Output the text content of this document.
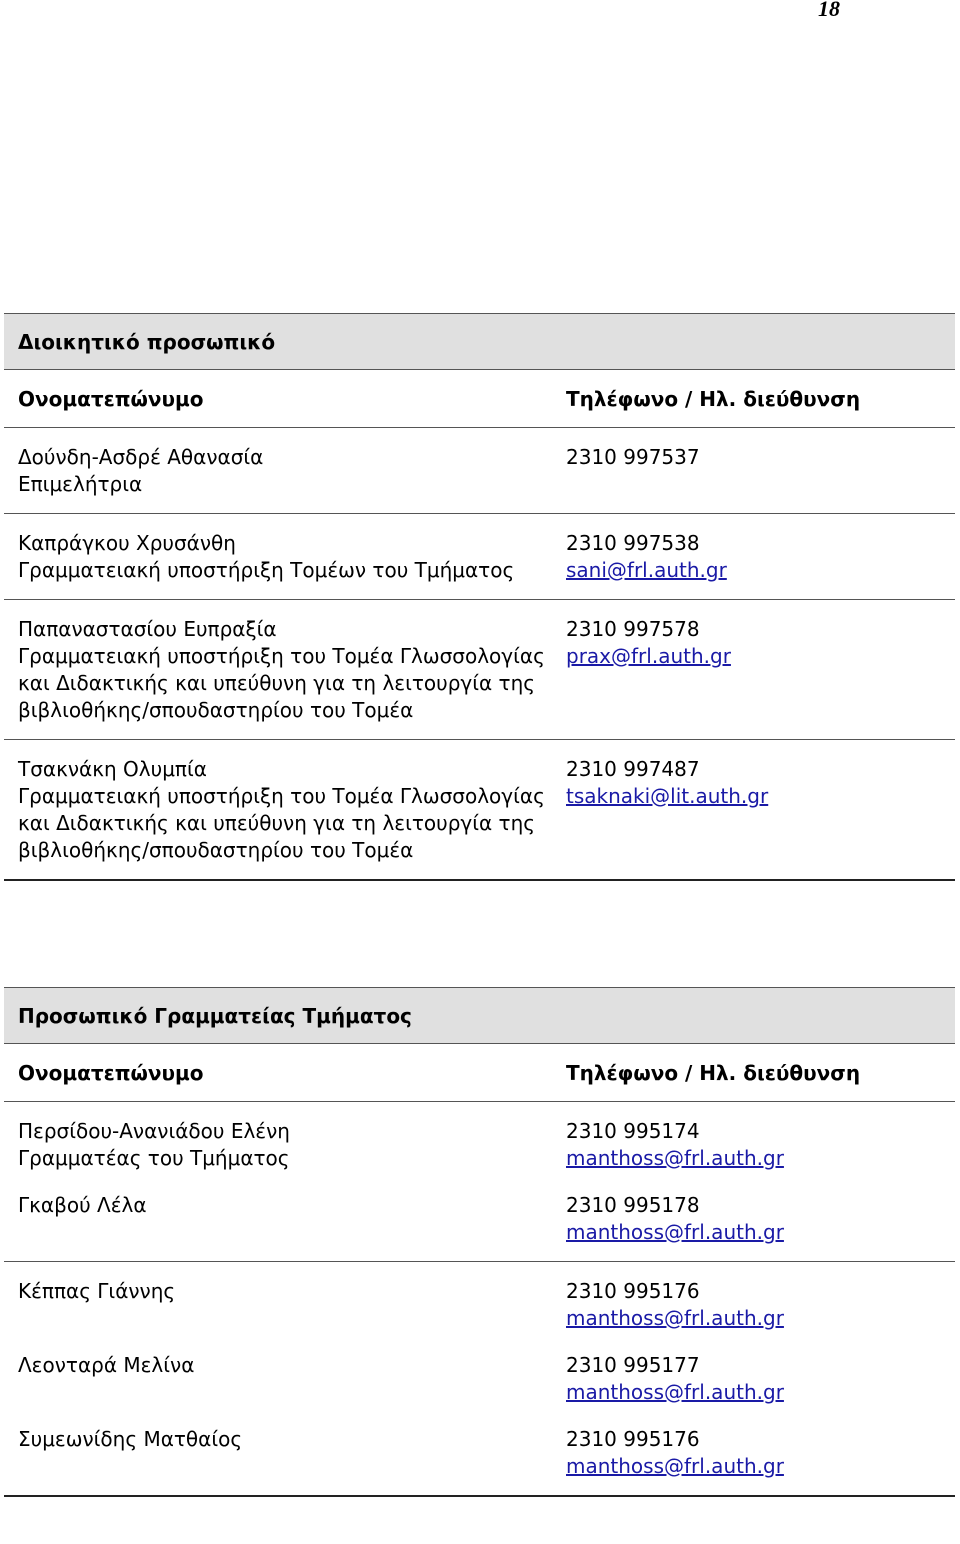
18
Διοικητικό προσωπικό	
Ονοματεπώνυμο	Τηλέφωνο / Ηλ. διεύθυνση

Δούνδη-Ασδρέ Αθανασία
Επιμελήτρια	2310 997537

Καπράγκου Χρυσάνθη
Γραμματειακή υποστήριξη Τομέων του Τμήματος	2310 997538
sani@frl.auth.gr

Παπαναστασίου Ευπραξία
Γραμματειακή υποστήριξη του Τομέα Γλωσσολογίας και Διδακτικής και υπεύθυνη για τη λειτουργία της βιβλιοθήκης/σπουδαστηρίου του Τομέα	2310 997578
prax@frl.auth.gr

Τσακνάκη Ολυμπία
Γραμματειακή υποστήριξη του Τομέα Γλωσσολογίας και Διδακτικής και υπεύθυνη για τη λειτουργία της βιβλιοθήκης/σπουδαστηρίου του Τομέα	2310 997487
tsaknaki@lit.auth.gr
Προσωπικό Γραμματείας Τμήματος	
Ονοματεπώνυμο	Τηλέφωνο / Ηλ. διεύθυνση

Περσίδου-Ανανιάδου Ελένη
Γραμματέας του Τμήματος	2310 995174
manthoss@frl.auth.gr

Γκαβού Λέλα	2310 995178
manthoss@frl.auth.gr

Κέππας Γιάννης	2310 995176
manthoss@frl.auth.gr

Λεονταρά Μελίνα	2310 995177
manthoss@frl.auth.gr

Συμεωνίδης Ματθαίος	2310 995176
manthoss@frl.auth.gr
